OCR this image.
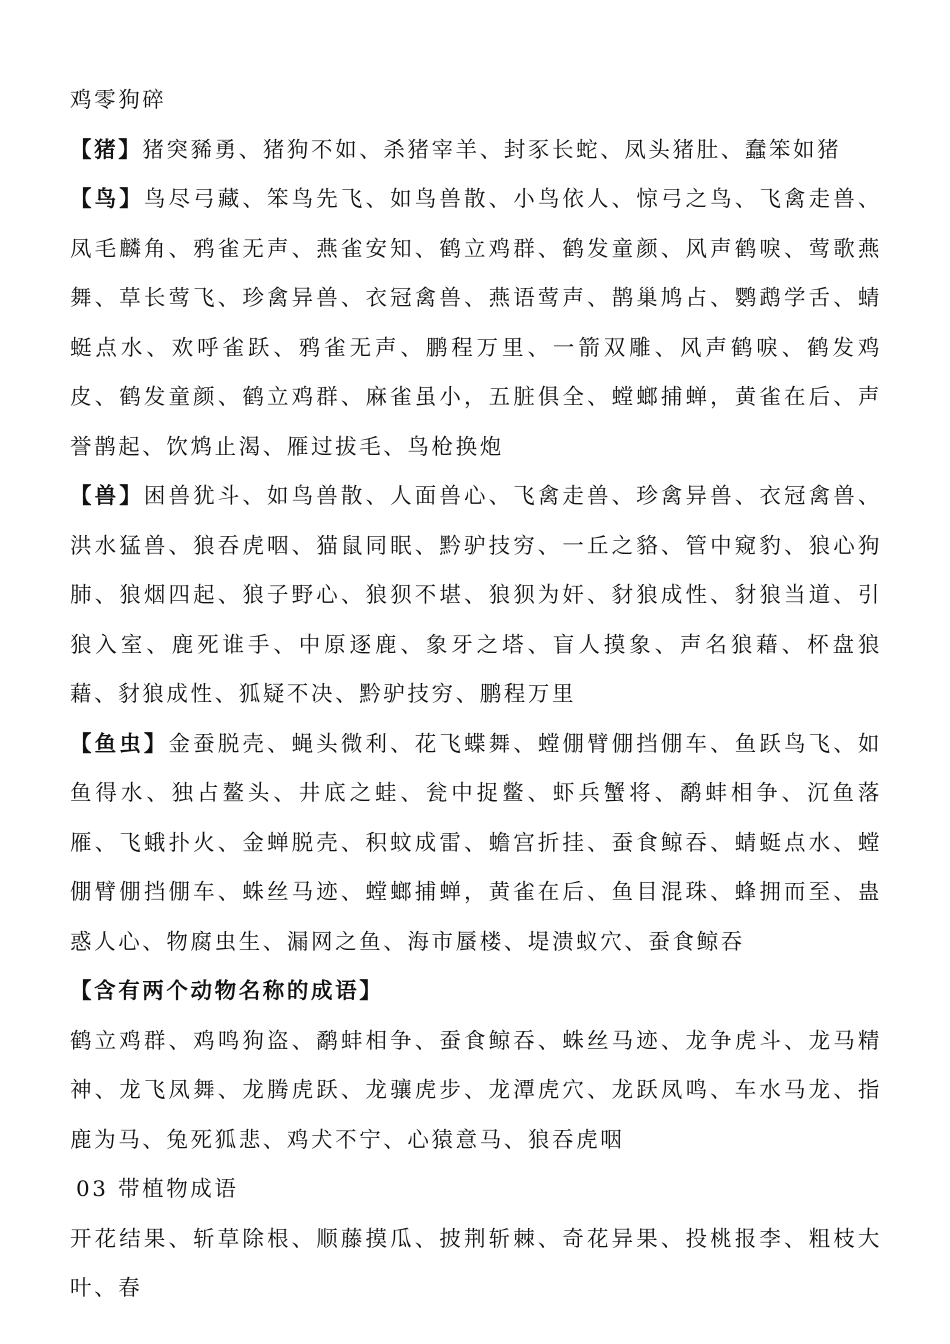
鸡零狗碎

【猪】猪突豨勇、猪狗不如、杀猪宰羊、封豕长蛇、凤头猪肚、蠢笨如猪

【鸟】鸟尽弓藏、笨鸟先飞、如鸟兽散、小鸟依人、惊弓之鸟、飞禽走兽、凤毛麟角、鸦雀无声、燕雀安知、鹤立鸡群、鹤发童颜、风声鹤唳、莺歌燕舞、草长莺飞、珍禽异兽、衣冠禽兽、燕语莺声、鹊巢鸠占、鹦鹉学舌、蜻蜓点水、欢呼雀跃、鸦雀无声、鹏程万里、一箭双雕、风声鹤唳、鹤发鸡皮、鹤发童颜、鹤立鸡群、麻雀虽小，五脏俱全、螳螂捕蝉，黄雀在后、声誉鹊起、饮鸩止渴、雁过拔毛、鸟枪换炮

【兽】困兽犹斗、如鸟兽散、人面兽心、飞禽走兽、珍禽异兽、衣冠禽兽、洪水猛兽、狼吞虎咽、猫鼠同眠、黔驴技穷、一丘之貉、管中窥豹、狼心狗肺、狼烟四起、狼子野心、狼狈不堪、狼狈为奸、豺狼成性、豺狼当道、引狼入室、鹿死谁手、中原逐鹿、象牙之塔、盲人摸象、声名狼藉、杯盘狼藉、豺狼成性、狐疑不决、黔驴技穷、鹏程万里

【鱼虫】金蚕脱壳、蝇头微利、花飞蝶舞、螳倗臂倗挡倗车、鱼跃鸟飞、如鱼得水、独占鳌头、井底之蛙、瓮中捉鳖、虾兵蟹将、鹬蚌相争、沉鱼落雁、飞蛾扑火、金蝉脱壳、积蚊成雷、蟾宫折挂、蚕食鲸吞、蜻蜓点水、螳倗臂倗挡倗车、蛛丝马迹、螳螂捕蝉，黄雀在后、鱼目混珠、蜂拥而至、蛊惑人心、物腐虫生、漏网之鱼、海市蜃楼、堤溃蚁穴、蚕食鲸吞

【含有两个动物名称的成语】

鹤立鸡群、鸡鸣狗盗、鹬蚌相争、蚕食鲸吞、蛛丝马迹、龙争虎斗、龙马精神、龙飞凤舞、龙腾虎跃、龙骧虎步、龙潭虎穴、龙跃凤鸣、车水马龙、指鹿为马、兔死狐悲、鸡犬不宁、心猿意马、狼吞虎咽

03 带植物成语

开花结果、斩草除根、顺藤摸瓜、披荆斩棘、奇花异果、投桃报李、粗枝大叶、春
